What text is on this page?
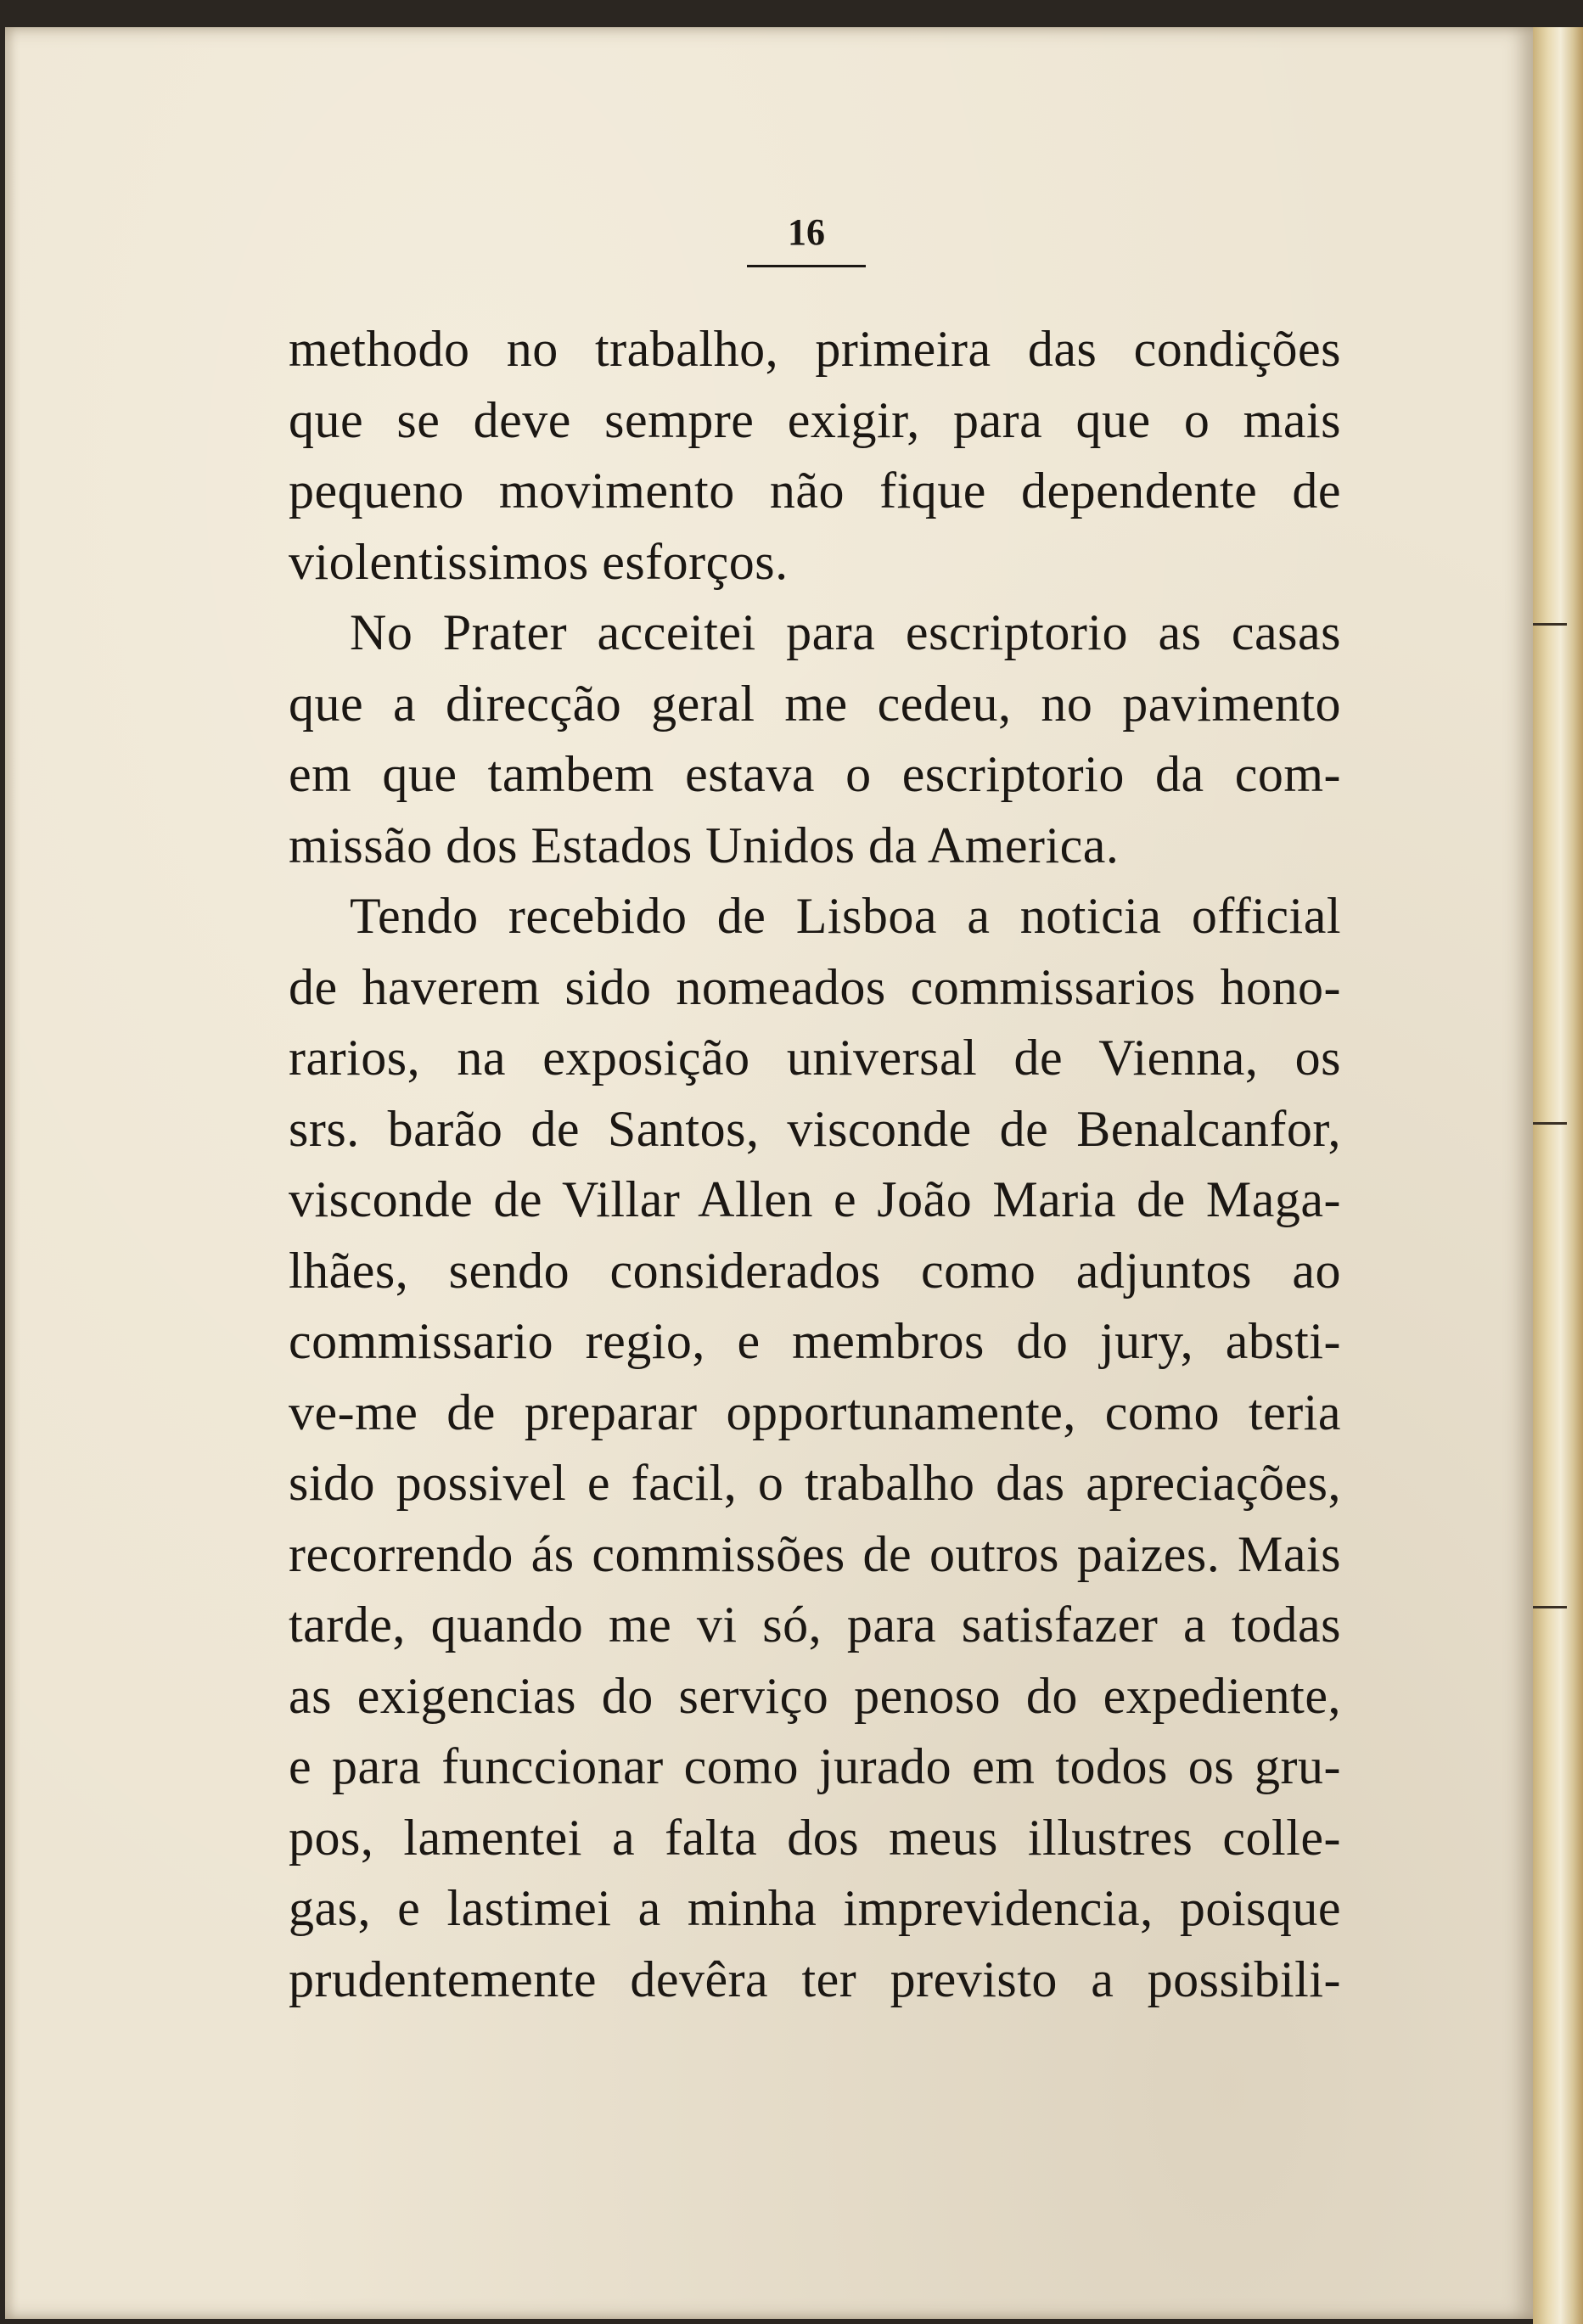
16
methodo no trabalho, primeira das condições
que se deve sempre exigir, para que o mais
pequeno movimento não fique dependente de
violentissimos esforços.
No Prater acceitei para escriptorio as casas
que a direcção geral me cedeu, no pavimento
em que tambem estava o escriptorio da com-
missão dos Estados Unidos da America.
Tendo recebido de Lisboa a noticia official
de haverem sido nomeados commissarios hono-
rarios, na exposição universal de Vienna, os
srs. barão de Santos, visconde de Benalcanfor,
visconde de Villar Allen e João Maria de Maga-
lhães, sendo considerados como adjuntos ao
commissario regio, e membros do jury, absti-
ve-me de preparar opportunamente, como teria
sido possivel e facil, o trabalho das apreciações,
recorrendo ás commissões de outros paizes. Mais
tarde, quando me vi só, para satisfazer a todas
as exigencias do serviço penoso do expediente,
e para funccionar como jurado em todos os gru-
pos, lamentei a falta dos meus illustres colle-
gas, e lastimei a minha imprevidencia, poisque
prudentemente devêra ter previsto a possibili-
